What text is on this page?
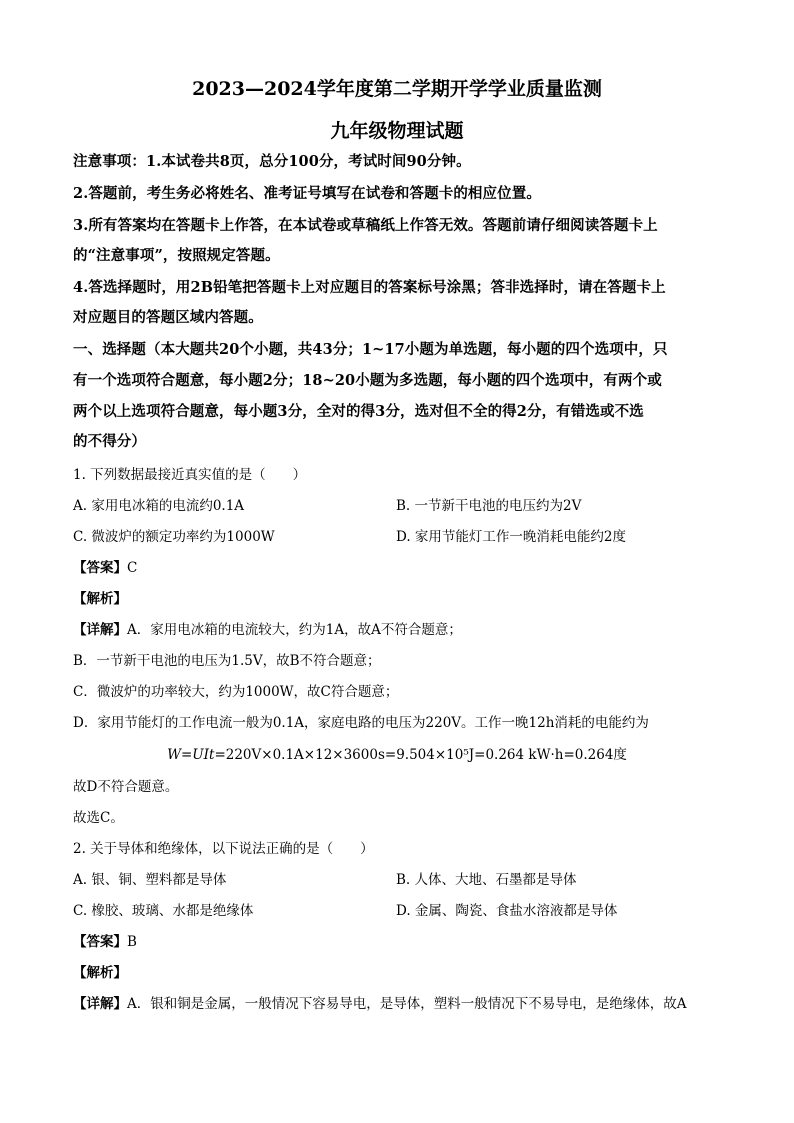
2023—2024学年度第二学期开学学业质量监测
九年级物理试题
注意事项：1.本试卷共8页，总分100分，考试时间90分钟。
2.答题前，考生务必将姓名、准考证号填写在试卷和答题卡的相应位置。
3.所有答案均在答题卡上作答，在本试卷或草稿纸上作答无效。答题前请仔细阅读答题卡上
的“注意事项”，按照规定答题。
4.答选择题时，用2B铅笔把答题卡上对应题目的答案标号涂黑；答非选择时，请在答题卡上
对应题目的答题区域内答题。
一、选择题（本大题共20个小题，共43分；1~17小题为单选题，每小题的四个选项中，只
有一个选项符合题意，每小题2分；18~20小题为多选题，每小题的四个选项中，有两个或
两个以上选项符合题意，每小题3分，全对的得3分，选对但不全的得2分，有错选或不选
的不得分）
1. 下列数据最接近真实值的是（　　）
A. 家用电冰箱的电流约0.1A	B. 一节新干电池的电压约为2V
C. 微波炉的额定功率约为1000W	D. 家用节能灯工作一晚消耗电能约2度
【答案】C
【解析】
【详解】A．家用电冰箱的电流较大，约为1A，故A不符合题意；
B．一节新干电池的电压为1.5V，故B不符合题意；
C．微波炉的功率较大，约为1000W，故C符合题意；
D．家用节能灯的工作电流一般为0.1A，家庭电路的电压为220V。工作一晚12h消耗的电能约为
W=UIt=220V×0.1A×12×3600s=9.504×10⁵J=0.264 kW·h=0.264度
故D不符合题意。
故选C。
2. 关于导体和绝缘体，以下说法正确的是（　　）
A. 银、铜、塑料都是导体	B. 人体、大地、石墨都是导体
C. 橡胶、玻璃、水都是绝缘体	D. 金属、陶瓷、食盐水溶液都是导体
【答案】B
【解析】
【详解】A．银和铜是金属，一般情况下容易导电，是导体，塑料一般情况下不易导电，是绝缘体，故A
